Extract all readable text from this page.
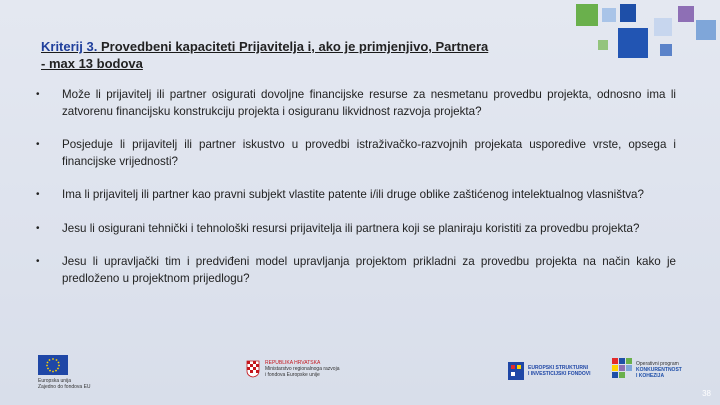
Kriterij 3. Provedbeni kapaciteti Prijavitelja i, ako je primjenjivo, Partnera
- max 13 bodova
• Može li prijavitelj ili partner osigurati dovoljne financijske resurse za nesmetanu provedbu projekta, odnosno ima li zatvorenu financijsku konstrukciju projekta i osiguranu likvidnost razvoja projekta?
• Posjeduje li prijavitelj ili partner iskustvo u provedbi istraživačko-razvojnih projekata usporedive vrste, opsega i financijske vrijednosti?
• Ima li prijavitelj ili partner kao pravni subjekt vlastite patente i/ili druge oblike zaštićenog intelektualnog vlasništva?
• Jesu li osigurani tehnički i tehnološki resursi prijavitelja ili partnera koji se planiraju koristiti za provedbu projekta?
• Jesu li upravljački tim i predviđeni model upravljanja projektom prikladni za provedbu projekta na način kako je predloženo u projektnom prijedlogu?
Europska unija
Zajedno do fondova EU
REPUBLIKA HRVATSKA
Ministarstvo regionalnoga razvoja
i fondova Europske unije
EUROPSKI STRUKTURNI
I INVESTICIJSKI FONDOVI
Operativni program
KONKURENTNOST
I KOHEZIJA
38
